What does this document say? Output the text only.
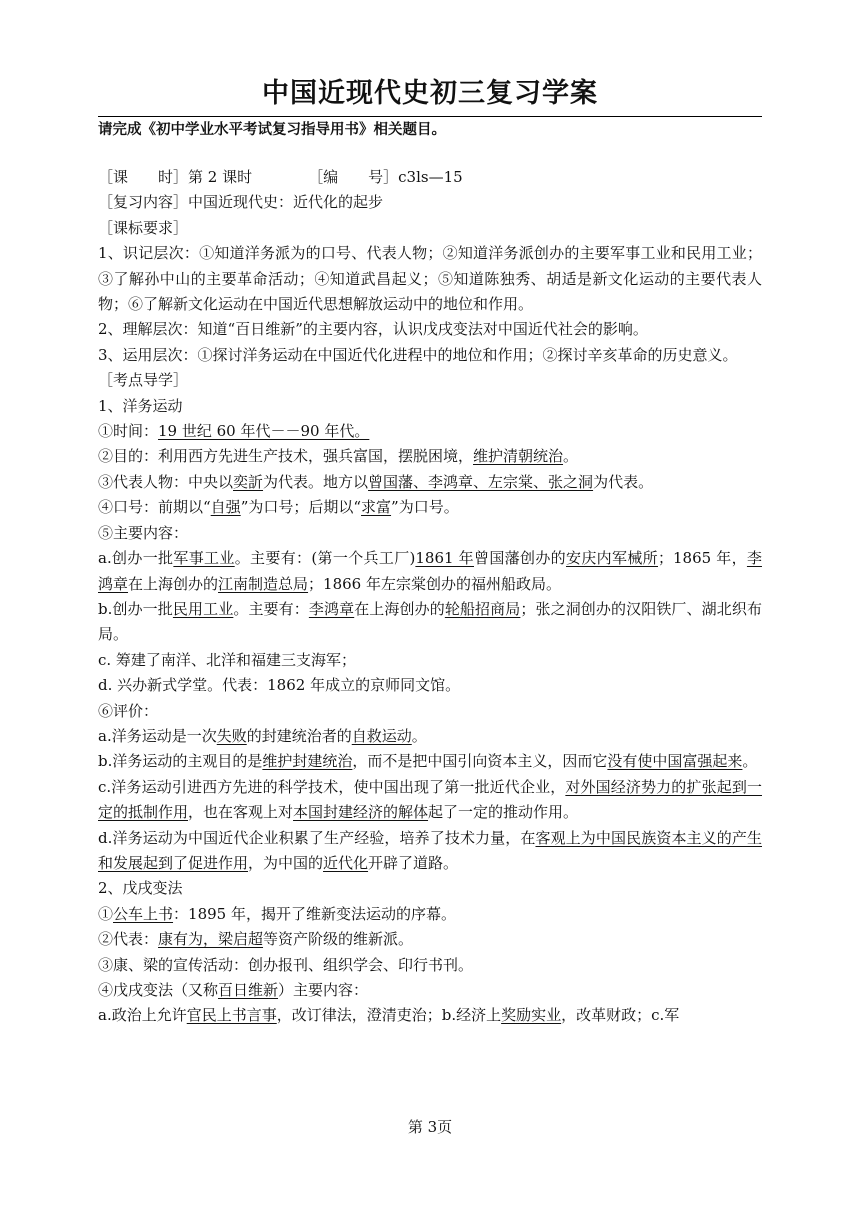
中国近现代史初三复习学案

请完成《初中学业水平考试复习指导用书》相关题目。

［课　　时］第 2 课时	［编　　号］c3ls—15
［复习内容］中国近现代史：近代化的起步
［课标要求］
1、识记层次：①知道洋务派为的口号、代表人物；②知道洋务派创办的主要军事工业和民用工业；③了解孙中山的主要革命活动；④知道武昌起义；⑤知道陈独秀、胡适是新文化运动的主要代表人物；⑥了解新文化运动在中国近代思想解放运动中的地位和作用。
2、理解层次：知道“百日维新”的主要内容，认识戊戌变法对中国近代社会的影响。
3、运用层次：①探讨洋务运动在中国近代化进程中的地位和作用；②探讨辛亥革命的历史意义。
［考点导学］
1、洋务运动
①时间：19 世纪 60 年代－－90 年代。
②目的：利用西方先进生产技术，强兵富国，摆脱困境，维护清朝统治。
③代表人物：中央以奕訢为代表。地方以曾国藩、李鸿章、左宗棠、张之洞为代表。
④口号：前期以“自强”为口号；后期以“求富”为口号。
⑤主要内容：
a.创办一批军事工业。主要有：(第一个兵工厂)1861 年曾国藩创办的安庆内军械所；1865 年，李鸿章在上海创办的江南制造总局；1866 年左宗棠创办的福州船政局。
b.创办一批民用工业。主要有：李鸿章在上海创办的轮船招商局；张之洞创办的汉阳铁厂、湖北织布局。
c. 筹建了南洋、北洋和福建三支海军；
d. 兴办新式学堂。代表：1862 年成立的京师同文馆。
⑥评价：
a.洋务运动是一次失败的封建统治者的自救运动。
b.洋务运动的主观目的是维护封建统治，而不是把中国引向资本主义，因而它没有使中国富强起来。
c.洋务运动引进西方先进的科学技术，使中国出现了第一批近代企业，对外国经济势力的扩张起到一定的抵制作用，也在客观上对本国封建经济的解体起了一定的推动作用。
d.洋务运动为中国近代企业积累了生产经验，培养了技术力量，在客观上为中国民族资本主义的产生和发展起到了促进作用，为中国的近代化开辟了道路。
2、戊戌变法
①公车上书：1895 年，揭开了维新变法运动的序幕。
②代表：康有为，梁启超等资产阶级的维新派。
③康、梁的宣传活动：创办报刊、组织学会、印行书刊。
④戊戌变法（又称百日维新）主要内容：
a.政治上允许官民上书言事，改订律法，澄清吏治；b.经济上奖励实业，改革财政；c.军
第 3页
